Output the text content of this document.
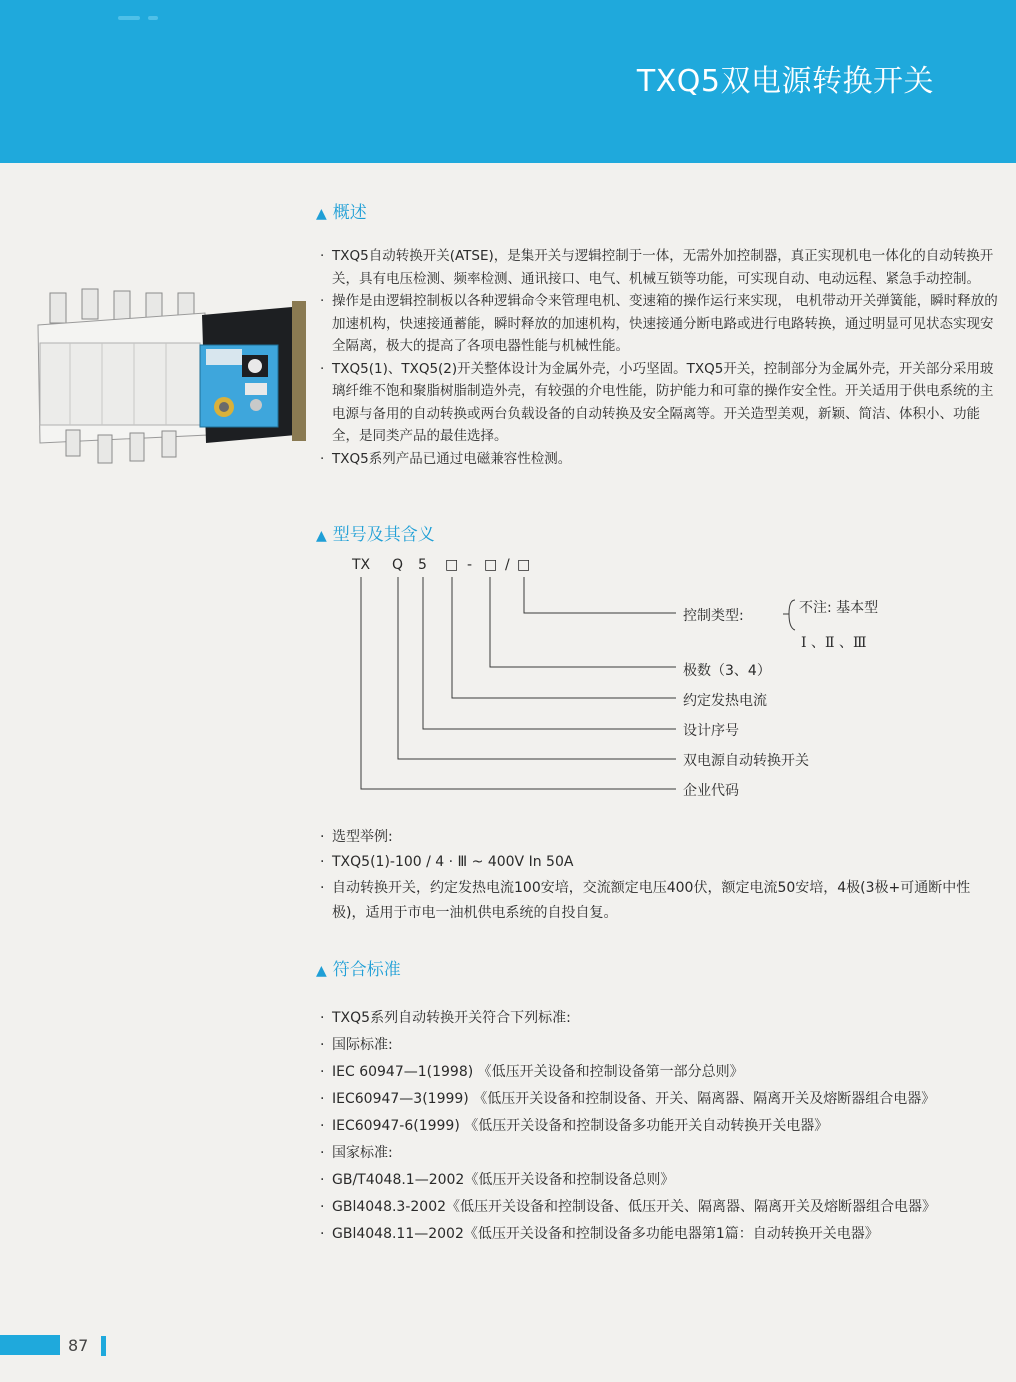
TXQ5双电源转换开关
▲ 概述
· TXQ5自动转换开关(ATSE)，是集开关与逻辑控制于一体，无需外加控制器，真正实现机电一体化的自动转换开关，具有电压检测、频率检测、通讯接口、电气、机械互锁等功能，可实现自动、电动远程、紧急手动控制。
· 操作是由逻辑控制板以各种逻辑命令来管理电机、变速箱的操作运行来实现， 电机带动开关弹簧能，瞬时释放的加速机构，快速接通蓄能，瞬时释放的加速机构，快速接通分断电路或进行电路转换，通过明显可见状态实现安全隔离，极大的提高了各项电器性能与机械性能。
· TXQ5(1)、TXQ5(2)开关整体设计为金属外壳，小巧坚固。TXQ5开关，控制部分为金属外壳，开关部分采用玻璃纤维不饱和聚脂树脂制造外壳，有较强的介电性能，防护能力和可靠的操作安全性。开关适用于供电系统的主电源与备用的自动转换或两台负载设备的自动转换及安全隔离等。开关造型美观，新颖、简洁、体积小、功能全，是同类产品的最佳选择。
· TXQ5系列产品已通过电磁兼容性检测。
▲ 型号及其含义
TX Q 5 □ - □ / □
控制类型:	不注: 基本型
Ⅰ 、Ⅱ 、Ⅲ
极数（3、4）
约定发热电流
设计序号
双电源自动转换开关
企业代码
· 选型举例:
· TXQ5(1)-100 / 4 · Ⅲ ~ 400V In 50A
· 自动转换开关，约定发热电流100安培，交流额定电压400伏，额定电流50安培，4极(3极+可通断中性极)，适用于市电一油机供电系统的自投自复。
▲ 符合标准
· TXQ5系列自动转换开关符合下列标准:
· 国际标准:
· IEC 60947—1(1998) 《低压开关设备和控制设备第一部分总则》
· IEC60947—3(1999) 《低压开关设备和控制设备、开关、隔离器、隔离开关及熔断器组合电器》
· IEC60947-6(1999) 《低压开关设备和控制设备多功能开关自动转换开关电器》
· 国家标准:
· GB/T4048.1—2002《低压开关设备和控制设备总则》
· GBl4048.3-2002《低压开关设备和控制设备、低压开关、隔离器、隔离开关及熔断器组合电器》
· GBl4048.11—2002《低压开关设备和控制设备多功能电器第1篇：自动转换开关电器》
87
